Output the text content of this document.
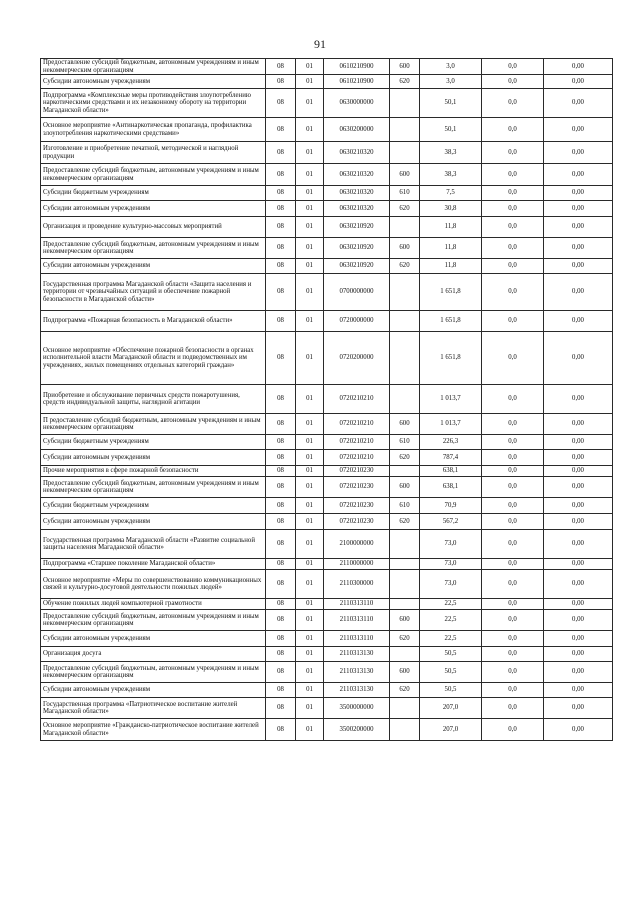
91
Предоставление субсидий бюджетным, автономным учреждениям и иным некоммерческим организациям	08	01	0610210900	600	3,0	0,0	0,00
Субсидии автономным учреждениям	08	01	0610210900	620	3,0	0,0	0,00
Подпрограмма «Комплексные меры противодействия злоупотреблению наркотическими средствами и их незаконному обороту на территории Магаданской области»	08	01	0630000000		50,1	0,0	0,00
Основное мероприятие «Антинаркотическая пропаганда, профилактика злоупотребления наркотическими средствами»	08	01	0630200000		50,1	0,0	0,00
Изготовление и приобретение печатной, методической и наглядной продукции	08	01	0630210320		38,3	0,0	0,00
Предоставление субсидий бюджетным, автономным учреждениям и иным некоммерческим организациям	08	01	0630210320	600	38,3	0,0	0,00
Субсидии бюджетным учреждениям	08	01	0630210320	610	7,5	0,0	0,00
Субсидии автономным учреждениям	08	01	0630210320	620	30,8	0,0	0,00
Организация и проведение культурно-массовых мероприятий	08	01	0630210920		11,8	0,0	0,00
Предоставление субсидий бюджетным, автономным учреждениям и иным некоммерческим организациям	08	01	0630210920	600	11,8	0,0	0,00
Субсидии автономным учреждениям	08	01	0630210920	620	11,8	0,0	0,00
Государственная программа Магаданской области «Защита населения и территории от чрезвычайных ситуаций и обеспечение пожарной безопасности в Магаданской области»	08	01	0700000000		1 651,8	0,0	0,00
Подпрограмма «Пожарная безопасность в Магаданской области»	08	01	0720000000		1 651,8	0,0	0,00
Основное мероприятие «Обеспечение пожарной безопасности в органах исполнительной власти Магаданской области и подведомственных им учреждениях, жилых помещениях отдельных категорий граждан»	08	01	0720200000		1 651,8	0,0	0,00
Приобретение и обслуживание первичных средств пожаротушения, средств индивидуальной защиты, наглядной агитации	08	01	0720210210		1 013,7	0,0	0,00
П редоставление субсидий бюджетным, автономным учреждениям и иным некоммерческим организациям	08	01	0720210210	600	1 013,7	0,0	0,00
Субсидии бюджетным учреждениям	08	01	0720210210	610	226,3	0,0	0,00
Субсидии автономным учреждениям	08	01	0720210210	620	787,4	0,0	0,00
Прочие мероприятия в сфере пожарной безопасности	08	01	0720210230		638,1	0,0	0,00
Предоставление субсидий бюджетным, автономным учреждениям и иным некоммерческим организациям	08	01	0720210230	600	638,1	0,0	0,00
Субсидии бюджетным учреждениям	08	01	0720210230	610	70,9	0,0	0,00
Субсидии автономным учреждениям	08	01	0720210230	620	567,2	0,0	0,00
Государственная программа Магаданской области «Развитие социальной защиты населения Магаданской области»	08	01	2100000000		73,0	0,0	0,00
Подпрограмма «Старшее поколение Магаданской области»	08	01	2110000000		73,0	0,0	0,00
Основное мероприятие «Меры по совершенствованию коммуникационных связей и культурно-досуговой деятельности пожилых людей»	08	01	2110300000		73,0	0,0	0,00
Обучение пожилых людей компьютерной грамотности	08	01	2110313110		22,5	0,0	0,00
Предоставление субсидий бюджетным, автономным учреждениям и иным некоммерческим организациям	08	01	2110313110	600	22,5	0,0	0,00
Субсидии автономным учреждениям	08	01	2110313110	620	22,5	0,0	0,00
Организация досуга	08	01	2110313130		50,5	0,0	0,00
Предоставление субсидий бюджетным, автономным учреждениям и иным некоммерческим организациям	08	01	2110313130	600	50,5	0,0	0,00
Субсидии автономным учреждениям	08	01	2110313130	620	50,5	0,0	0,00
Государственная программа «Патриотическое воспитание жителей Магаданской области»	08	01	3500000000		207,0	0,0	0,00
Основное мероприятие «Гражданско-патриотическое воспитание жителей Магаданской области»	08	01	3500200000		207,0	0,0	0,00
